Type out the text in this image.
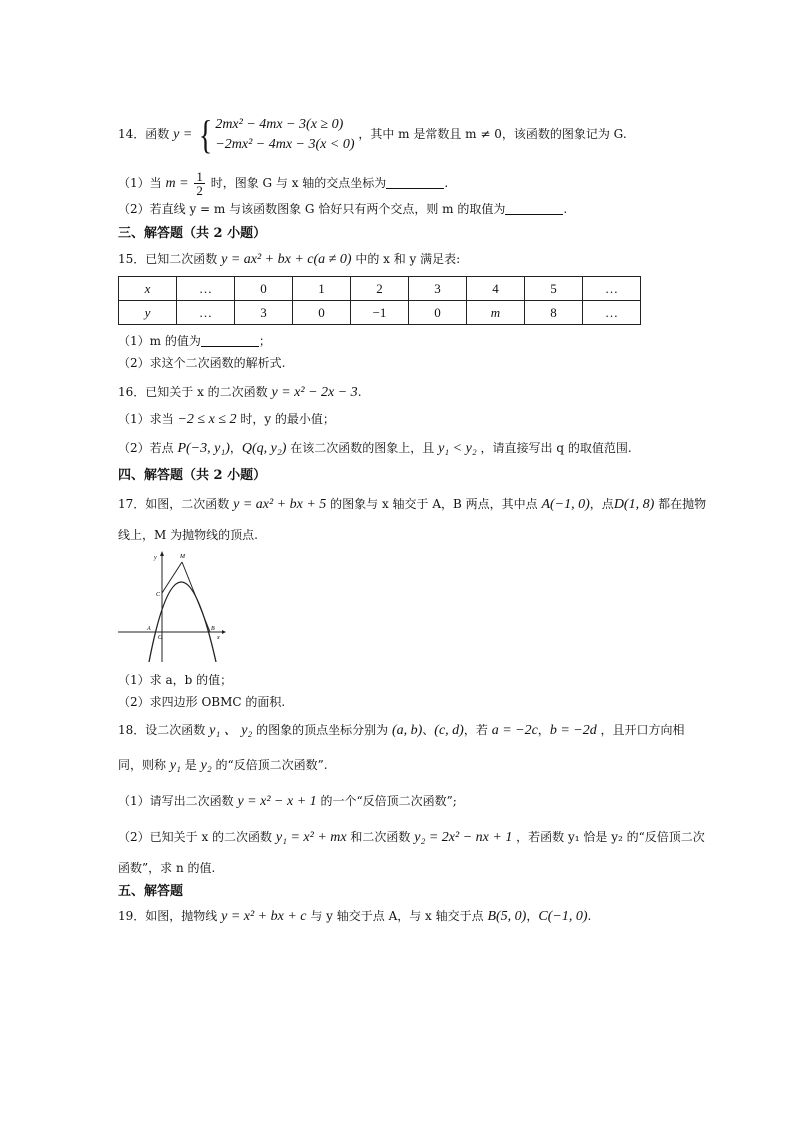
14．函数 y = { 2mx² − 4mx − 3(x ≥ 0)
−2mx² − 4mx − 3(x < 0)
，其中 m 是常数且 m ≠ 0，该函数的图象记为 G.
（1）当 $m = \frac{1}{2}$ 时，图象 G 与 x 轴的交点坐标为	.
（2）若直线 y = m 与该函数图象 G 恰好只有两个交点，则 m 的取值为	.
三、解答题（共 2 小题）
15．已知二次函数 y = ax² + bx + c(a ≠ 0) 中的 x 和 y 满足表:
x	…	0	1	2	3	4	5	…
y	…	3	0	−1	0	m	8	…
（1）m 的值为	；
（2）求这个二次函数的解析式.
16．已知关于 x 的二次函数 y = x² − 2x − 3.
（1）求当 −2 ≤ x ≤ 2 时，y 的最小值；
（2）若点 P(−3, y₁)，Q(q, y₂) 在该二次函数的图象上，且 y₁ < y₂ ，请直接写出 q 的取值范围.
四、解答题（共 2 小题）
17．如图，二次函数 y = ax² + bx + 5 的图象与 x 轴交于 A，B 两点，其中点 A(−1, 0)，点D(1, 8) 都在抛物
线上，M 为抛物线的顶点.
y	M
C
A
O
B
x
（1）求 a，b 的值；
（2）求四边形 OBMC 的面积.
18．设二次函数 y₁ 、 y₂ 的图象的顶点坐标分别为 (a, b)、(c, d)，若 a = −2c，b = −2d ，且开口方向相
同，则称 y₁ 是 y₂ 的“反倍顶二次函数”.
（1）请写出二次函数 y = x² − x + 1 的一个“反倍顶二次函数”;
（2）已知关于 x 的二次函数 y₁ = x² + mx 和二次函数 y₂ = 2x² − nx + 1 ，若函数 y₁ 恰是 y₂ 的“反倍顶二次
函数”，求 n 的值.
五、解答题
19．如图，抛物线 y = x² + bx + c 与 y 轴交于点 A，与 x 轴交于点 B(5, 0)，C(−1, 0).
